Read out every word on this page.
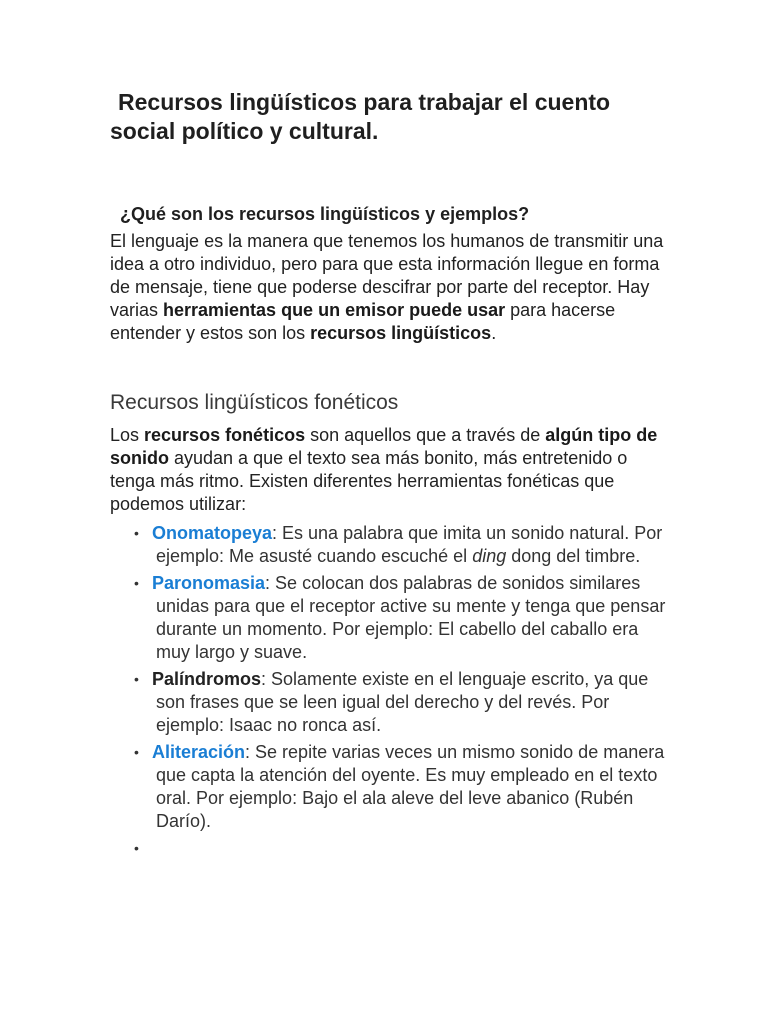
Recursos lingüísticos para trabajar el cuento social político y cultural.
¿Qué son los recursos lingüísticos y ejemplos?

El lenguaje es la manera que tenemos los humanos de transmitir una idea a otro individuo, pero para que esta información llegue en forma de mensaje, tiene que poderse descifrar por parte del receptor. Hay varias herramientas que un emisor puede usar para hacerse entender y estos son los recursos lingüísticos.

Recursos lingüísticos fonéticos

Los recursos fonéticos son aquellos que a través de algún tipo de sonido ayudan a que el texto sea más bonito, más entretenido o tenga más ritmo. Existen diferentes herramientas fonéticas que podemos utilizar:

• Onomatopeya: Es una palabra que imita un sonido natural. Por ejemplo: Me asusté cuando escuché el ding dong del timbre.
• Paronomasia: Se colocan dos palabras de sonidos similares unidas para que el receptor active su mente y tenga que pensar durante un momento. Por ejemplo: El cabello del caballo era muy largo y suave.
• Palíndromos: Solamente existe en el lenguaje escrito, ya que son frases que se leen igual del derecho y del revés. Por ejemplo: Isaac no ronca así.
• Aliteración: Se repite varias veces un mismo sonido de manera que capta la atención del oyente. Es muy empleado en el texto oral. Por ejemplo: Bajo el ala aleve del leve abanico (Rubén Darío).
•
